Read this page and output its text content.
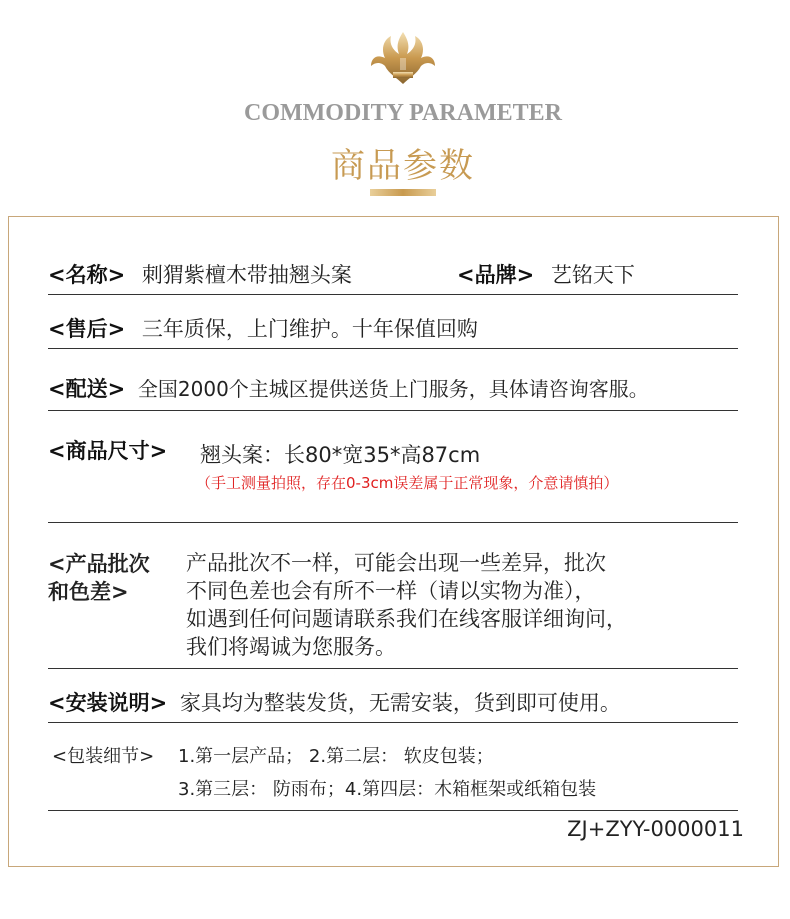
COMMODITY PARAMETER
商品参数
<名称> 刺猬紫檀木带抽翘头案	<品牌> 艺铭天下
<售后> 三年质保，上门维护。十年保值回购
<配送> 全国2000个主城区提供送货上门服务，具体请咨询客服。
<商品尺寸> 翘头案：长80*宽35*高87cm
（手工测量拍照，存在0-3cm误差属于正常现象，介意请慎拍）
<产品批次
和色差>
产品批次不一样，可能会出现一些差异，批次
不同色差也会有所不一样（请以实物为准），
如遇到任何问题请联系我们在线客服详细询问，
我们将竭诚为您服务。
<安装说明> 家具均为整装发货，无需安装，货到即可使用。
<包装细节> 1.第一层产品； 2.第二层： 软皮包装；
3.第三层： 防雨布；4.第四层：木箱框架或纸箱包装
ZJ+ZYY-0000011
